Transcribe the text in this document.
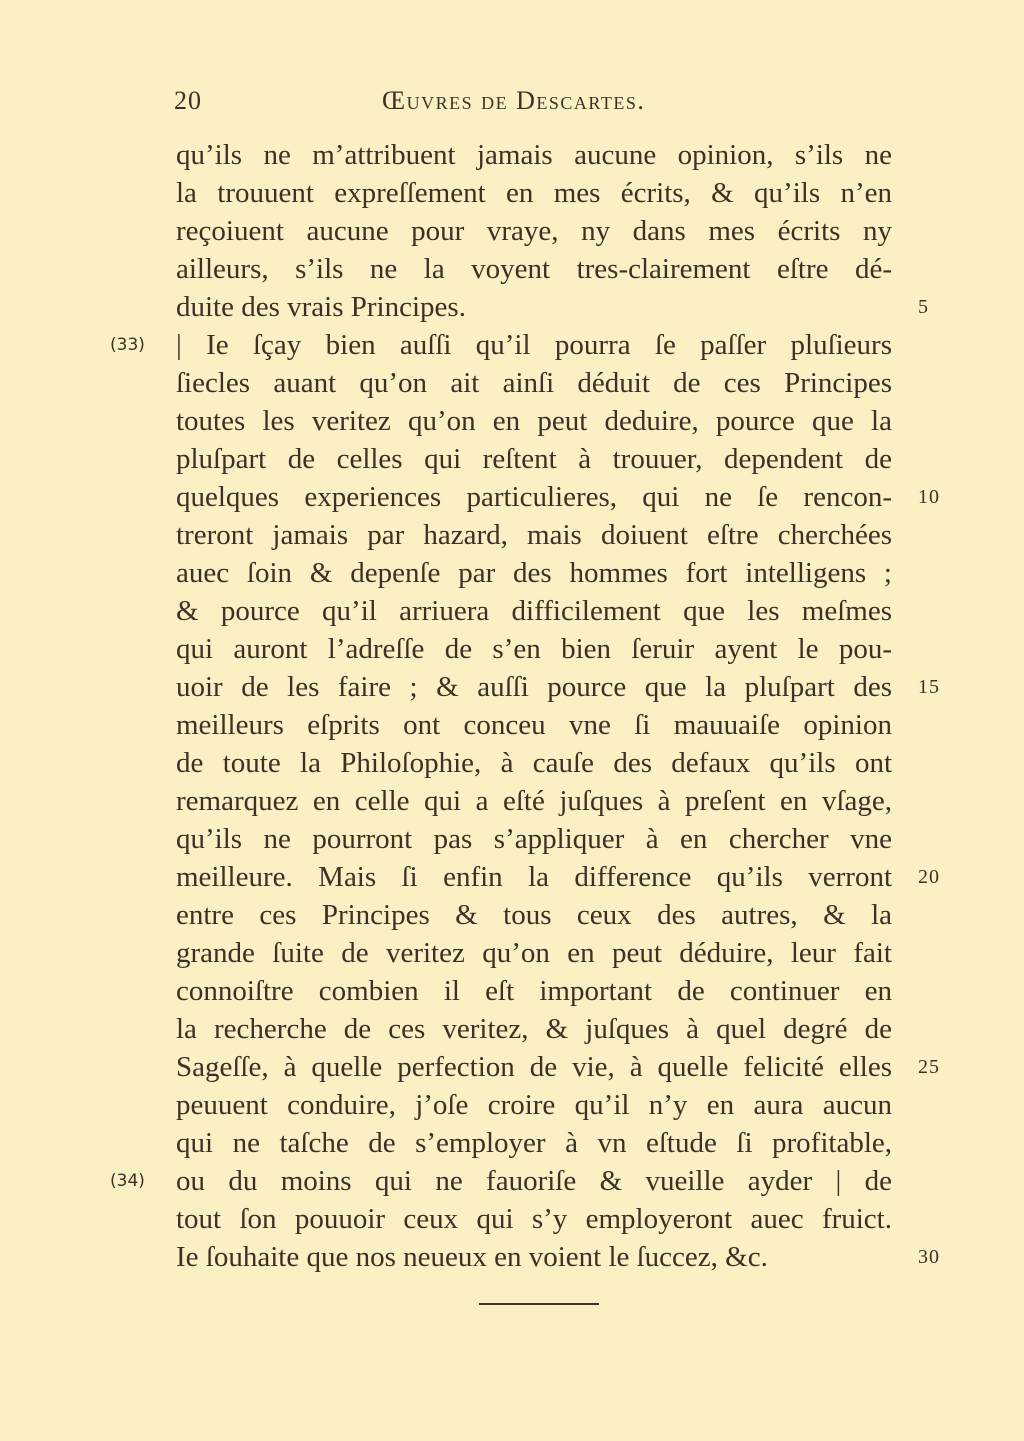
20	Œuvres de Descartes.
qu’ils ne m’attribuent jamais aucune opinion, s’ils ne
la trouuent expreſſement en mes écrits, & qu’ils n’en
reçoiuent aucune pour vraye, ny dans mes écrits ny
ailleurs, s’ils ne la voyent tres-clairement eſtre dé-
duite des vrais Principes.	5
| Ie ſçay bien auſſi qu’il pourra ſe paſſer pluſieurs
(33)
ſiecles auant qu’on ait ainſi déduit de ces Principes
toutes les veritez qu’on en peut deduire, pource que la
pluſpart de celles qui reſtent à trouuer, dependent de
quelques experiences particulieres, qui ne ſe rencon- 10
treront jamais par hazard, mais doiuent eſtre cherchées
auec ſoin & depenſe par des hommes fort intelligens ;
& pource qu’il arriuera difficilement que les meſmes
qui auront l’adreſſe de s’en bien ſeruir ayent le pou-
uoir de les faire ; & auſſi pource que la pluſpart des 15
meilleurs eſprits ont conceu vne ſi mauuaiſe opinion
de toute la Philoſophie, à cauſe des defaux qu’ils ont
remarquez en celle qui a eſté juſques à preſent en vſage,
qu’ils ne pourront pas s’appliquer à en chercher vne
meilleure. Mais ſi enfin la difference qu’ils verront 20
entre ces Principes & tous ceux des autres, & la
grande ſuite de veritez qu’on en peut déduire, leur fait
connoiſtre combien il eſt important de continuer en
la recherche de ces veritez, & juſques à quel degré de
Sageſſe, à quelle perfection de vie, à quelle felicité elles 25
peuuent conduire, j’oſe croire qu’il n’y en aura aucun
qui ne taſche de s’employer à vn eſtude ſi profitable,
ou du moins qui ne fauoriſe & vueille ayder | de
(34)
tout ſon pouuoir ceux qui s’y employeront auec fruict.
Ie ſouhaite que nos neueux en voient le ſuccez, &c.	30
